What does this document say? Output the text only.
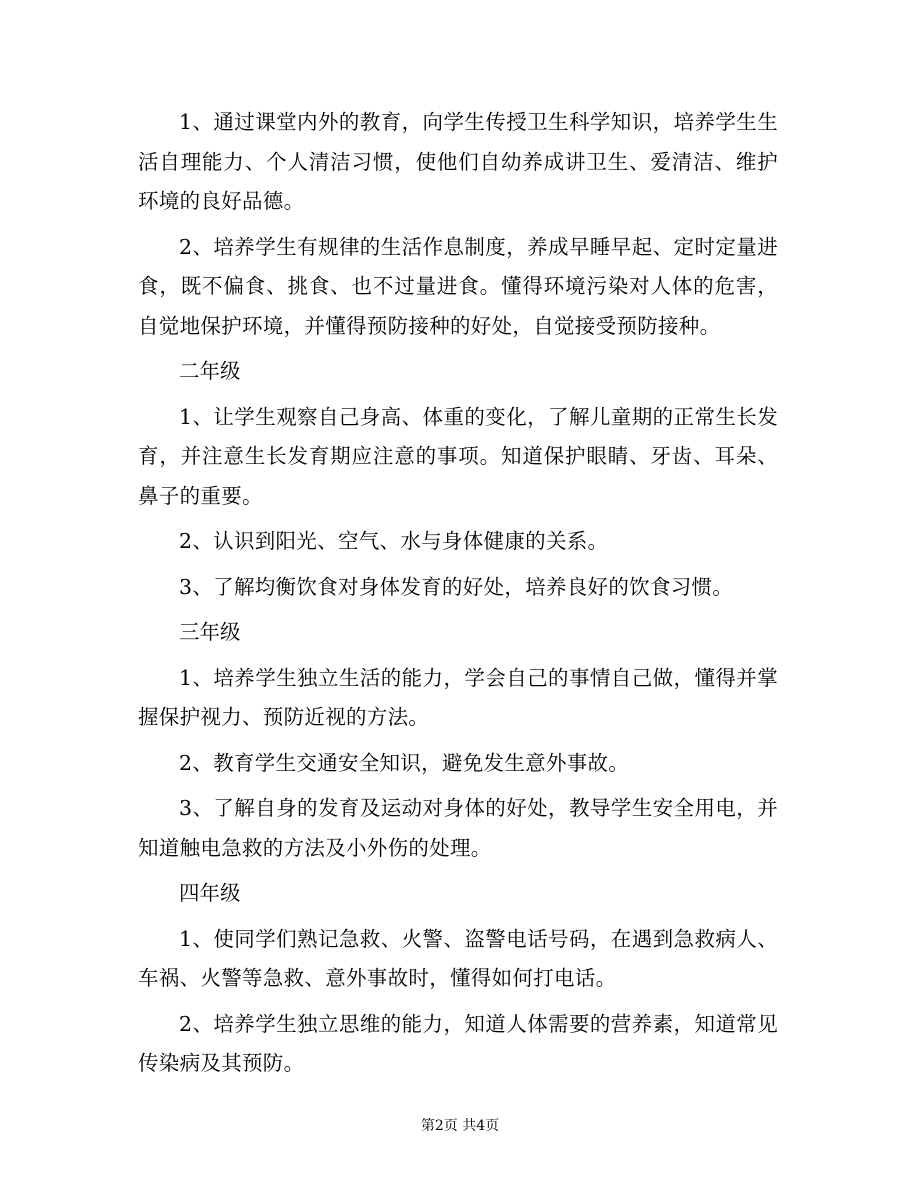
1、通过课堂内外的教育，向学生传授卫生科学知识，培养学生生活自理能力、个人清洁习惯，使他们自幼养成讲卫生、爱清洁、维护环境的良好品德。

2、培养学生有规律的生活作息制度，养成早睡早起、定时定量进食，既不偏食、挑食、也不过量进食。懂得环境污染对人体的危害，自觉地保护环境，并懂得预防接种的好处，自觉接受预防接种。

二年级

1、让学生观察自己身高、体重的变化，了解儿童期的正常生长发育，并注意生长发育期应注意的事项。知道保护眼睛、牙齿、耳朵、鼻子的重要。

2、认识到阳光、空气、水与身体健康的关系。

3、了解均衡饮食对身体发育的好处，培养良好的饮食习惯。

三年级

1、培养学生独立生活的能力，学会自己的事情自己做，懂得并掌握保护视力、预防近视的方法。

2、教育学生交通安全知识，避免发生意外事故。

3、了解自身的发育及运动对身体的好处，教导学生安全用电，并知道触电急救的方法及小外伤的处理。

四年级

1、使同学们熟记急救、火警、盗警电话号码，在遇到急救病人、车祸、火警等急救、意外事故时，懂得如何打电话。

2、培养学生独立思维的能力，知道人体需要的营养素，知道常见传染病及其预防。

第2页 共4页
